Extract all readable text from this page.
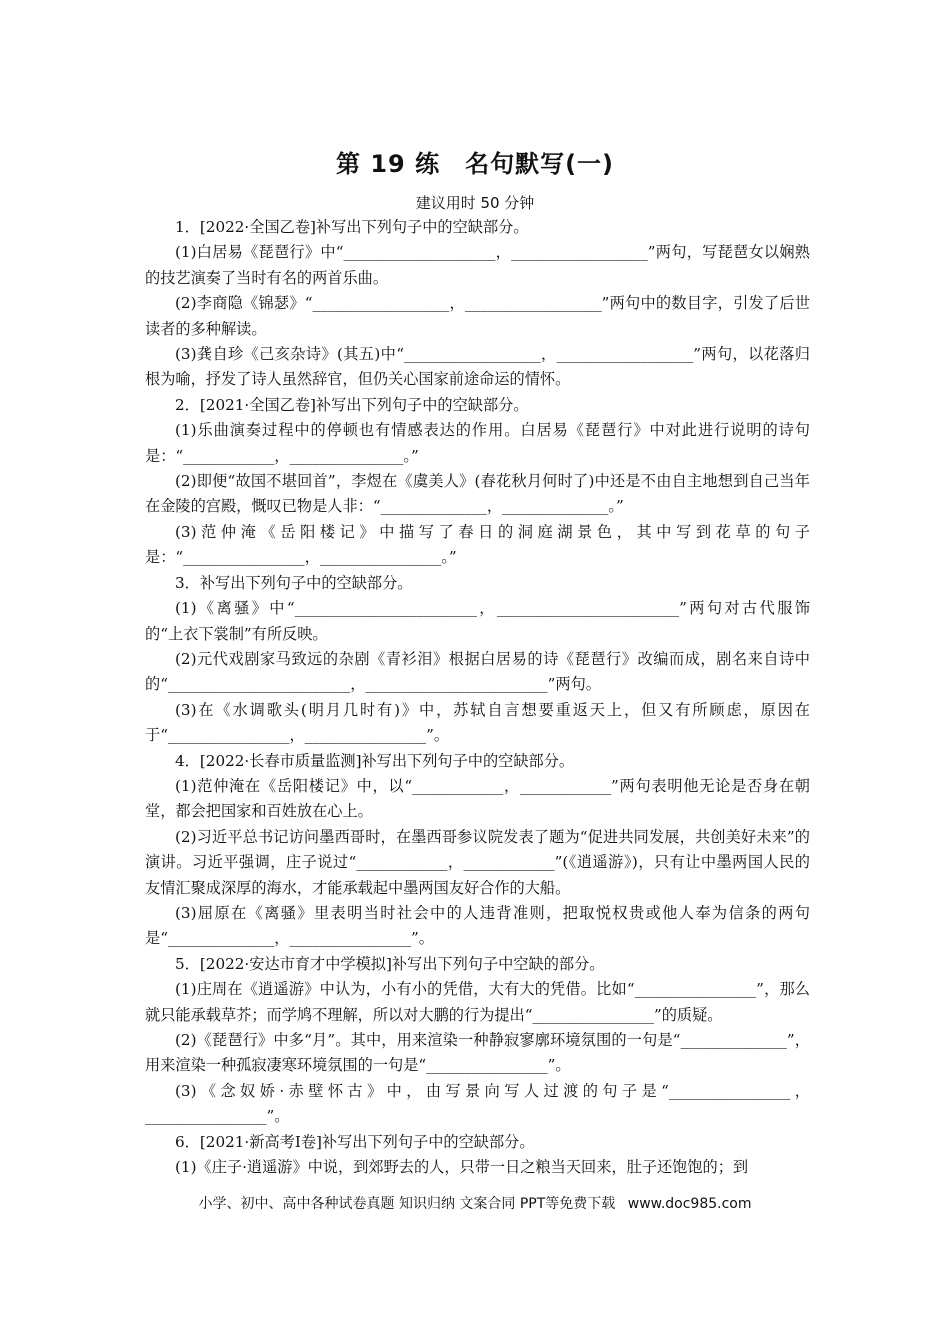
第 19 练　名句默写(一)
建议用时 50 分钟
1．[2022·全国乙卷]补写出下列句子中的空缺部分。
(1)白居易《琵琶行》中“____________________，__________________”两句，写琵琶女以娴熟的技艺演奏了当时有名的两首乐曲。
(2)李商隐《锦瑟》“__________________，__________________”两句中的数目字，引发了后世读者的多种解读。
(3)龚自珍《己亥杂诗》(其五)中“__________________，__________________”两句，以花落归根为喻，抒发了诗人虽然辞官，但仍关心国家前途命运的情怀。
2．[2021·全国乙卷]补写出下列句子中的空缺部分。
(1)乐曲演奏过程中的停顿也有情感表达的作用。白居易《琵琶行》中对此进行说明的诗句是：“____________，_______________。”
(2)即便“故国不堪回首”，李煜在《虞美人》(春花秋月何时了)中还是不由自主地想到自己当年在金陵的宫殿，慨叹已物是人非：“______________，______________。”
(3)范仲淹《岳阳楼记》中描写了春日的洞庭湖景色，其中写到花草的句子是：“________________，________________。”
3．补写出下列句子中的空缺部分。
(1)《离骚》中“________________________，________________________”两句对古代服饰的“上衣下裳制”有所反映。
(2)元代戏剧家马致远的杂剧《青衫泪》根据白居易的诗《琵琶行》改编而成，剧名来自诗中的“________________________，________________________”两句。
(3)在《水调歌头(明月几时有)》中，苏轼自言想要重返天上，但又有所顾虑，原因在于“________________，________________”。
4．[2022·长春市质量监测]补写出下列句子中的空缺部分。
(1)范仲淹在《岳阳楼记》中，以“____________，____________”两句表明他无论是否身在朝堂，都会把国家和百姓放在心上。
(2)习近平总书记访问墨西哥时，在墨西哥参议院发表了题为“促进共同发展，共创美好未来”的演讲。习近平强调，庄子说过“____________，____________”(《逍遥游》)，只有让中墨两国人民的友情汇聚成深厚的海水，才能承载起中墨两国友好合作的大船。
(3)屈原在《离骚》里表明当时社会中的人违背准则，把取悦权贵或他人奉为信条的两句是“______________，________________”。
5．[2022·安达市育才中学模拟]补写出下列句子中空缺的部分。
(1)庄周在《逍遥游》中认为，小有小的凭借，大有大的凭借。比如“________________”，那么就只能承载草芥；而学鸠不理解，所以对大鹏的行为提出“________________”的质疑。
(2)《琵琶行》中多“月”。其中，用来渲染一种静寂寥廓环境氛围的一句是“______________”，用来渲染一种孤寂凄寒环境氛围的一句是“________________”。
(3)《念奴娇·赤壁怀古》中，由写景向写人过渡的句子是“________________，________________”。
6．[2021·新高考Ⅰ卷]补写出下列句子中的空缺部分。
(1)《庄子·逍遥游》中说，到郊野去的人，只带一日之粮当天回来，肚子还饱饱的；到
小学、初中、高中各种试卷真题 知识归纳 文案合同 PPT等免费下载 www.doc985.com
